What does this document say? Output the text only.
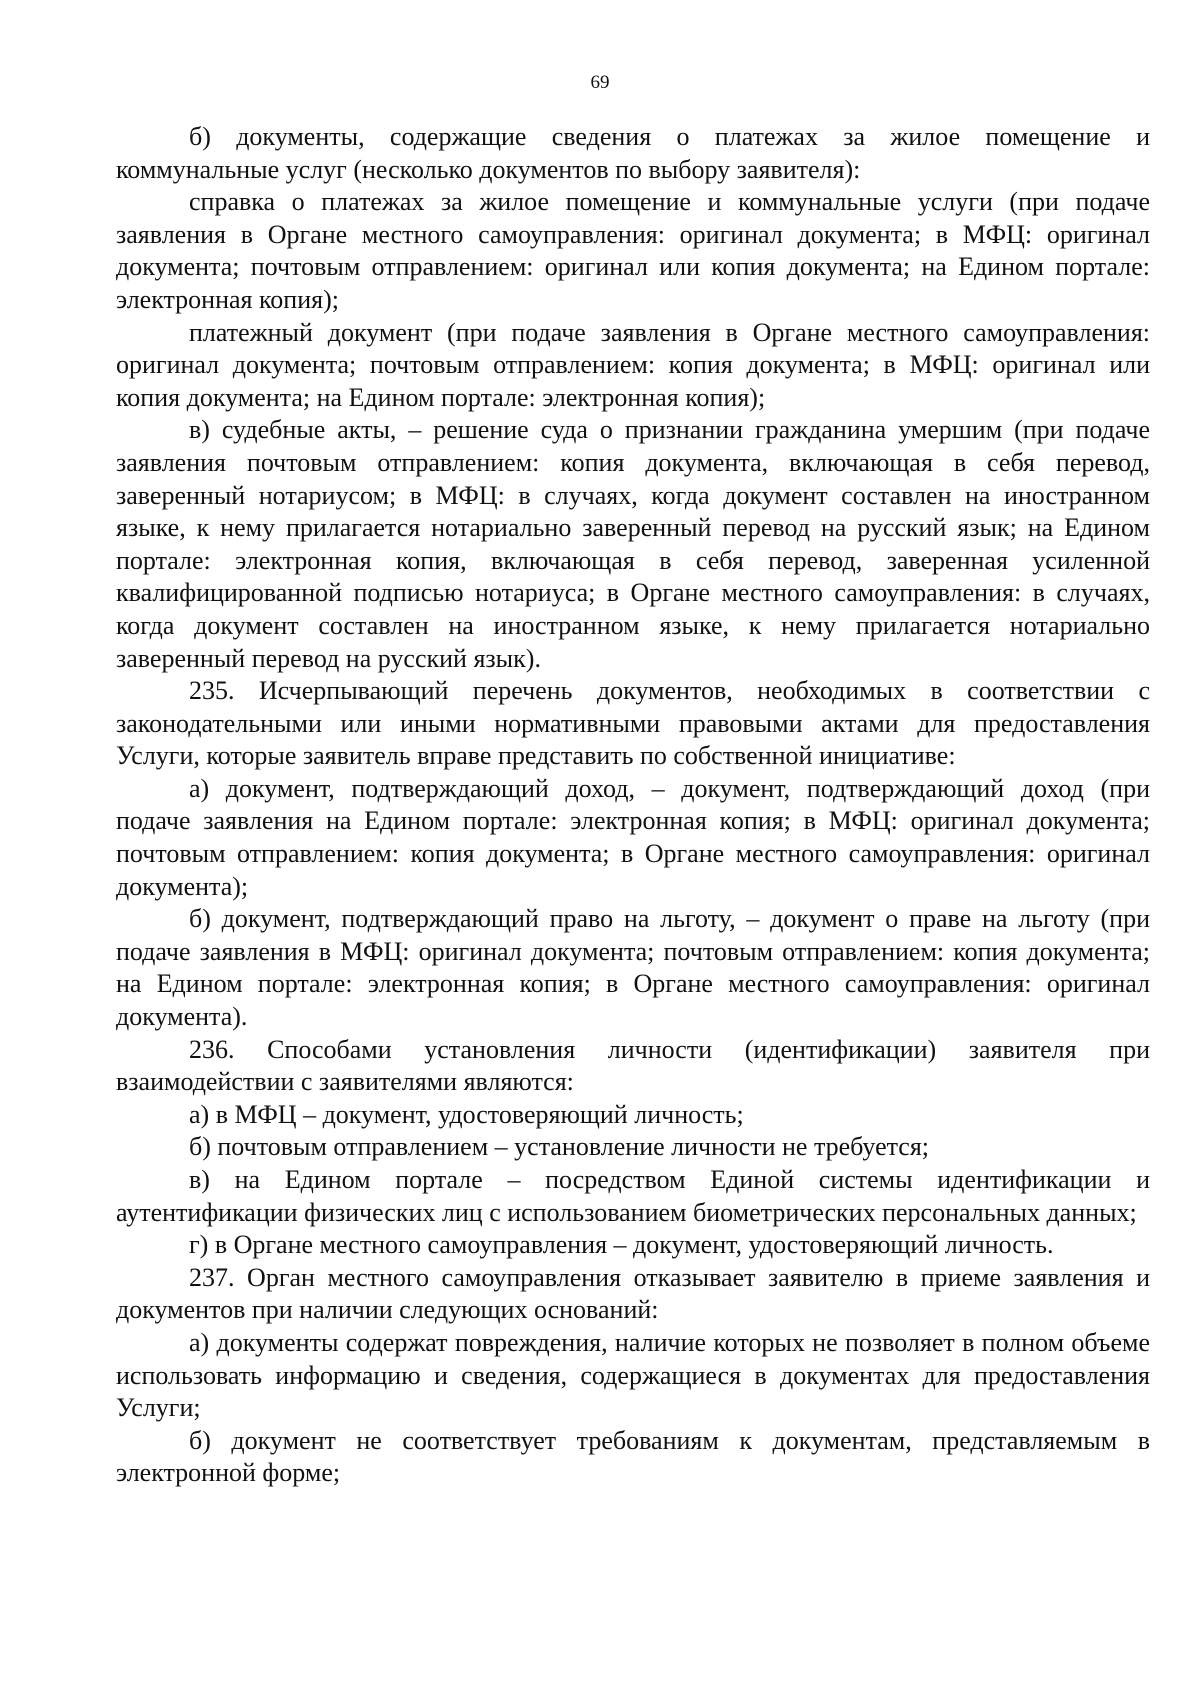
69

б) документы, содержащие сведения о платежах за жилое помещение и коммунальные услуг (несколько документов по выбору заявителя):

справка о платежах за жилое помещение и коммунальные услуги (при подаче заявления в Органе местного самоуправления: оригинал документа; в МФЦ: оригинал документа; почтовым отправлением: оригинал или копия документа; на Едином портале: электронная копия);

платежный документ (при подаче заявления в Органе местного самоуправления: оригинал документа; почтовым отправлением: копия документа; в МФЦ: оригинал или копия документа; на Едином портале: электронная копия);

в) судебные акты, – решение суда о признании гражданина умершим (при подаче заявления почтовым отправлением: копия документа, включающая в себя перевод, заверенный нотариусом; в МФЦ: в случаях, когда документ составлен на иностранном языке, к нему прилагается нотариально заверенный перевод на русский язык; на Едином портале: электронная копия, включающая в себя перевод, заверенная усиленной квалифицированной подписью нотариуса; в Органе местного самоуправления: в случаях, когда документ составлен на иностранном языке, к нему прилагается нотариально заверенный перевод на русский язык).

235. Исчерпывающий перечень документов, необходимых в соответствии с законодательными или иными нормативными правовыми актами для предоставления Услуги, которые заявитель вправе представить по собственной инициативе:

а) документ, подтверждающий доход, – документ, подтверждающий доход (при подаче заявления на Едином портале: электронная копия; в МФЦ: оригинал документа; почтовым отправлением: копия документа; в Органе местного самоуправления: оригинал документа);

б) документ, подтверждающий право на льготу, – документ о праве на льготу (при подаче заявления в МФЦ: оригинал документа; почтовым отправлением: копия документа; на Едином портале: электронная копия; в Органе местного самоуправления: оригинал документа).

236. Способами установления личности (идентификации) заявителя при взаимодействии с заявителями являются:

а) в МФЦ – документ, удостоверяющий личность;

б) почтовым отправлением – установление личности не требуется;

в) на Едином портале – посредством Единой системы идентификации и аутентификации физических лиц с использованием биометрических персональных данных;

г) в Органе местного самоуправления – документ, удостоверяющий личность.

237. Орган местного самоуправления отказывает заявителю в приеме заявления и документов при наличии следующих оснований:

а) документы содержат повреждения, наличие которых не позволяет в полном объеме использовать информацию и сведения, содержащиеся в документах для предоставления Услуги;

б) документ не соответствует требованиям к документам, представляемым в электронной форме;
